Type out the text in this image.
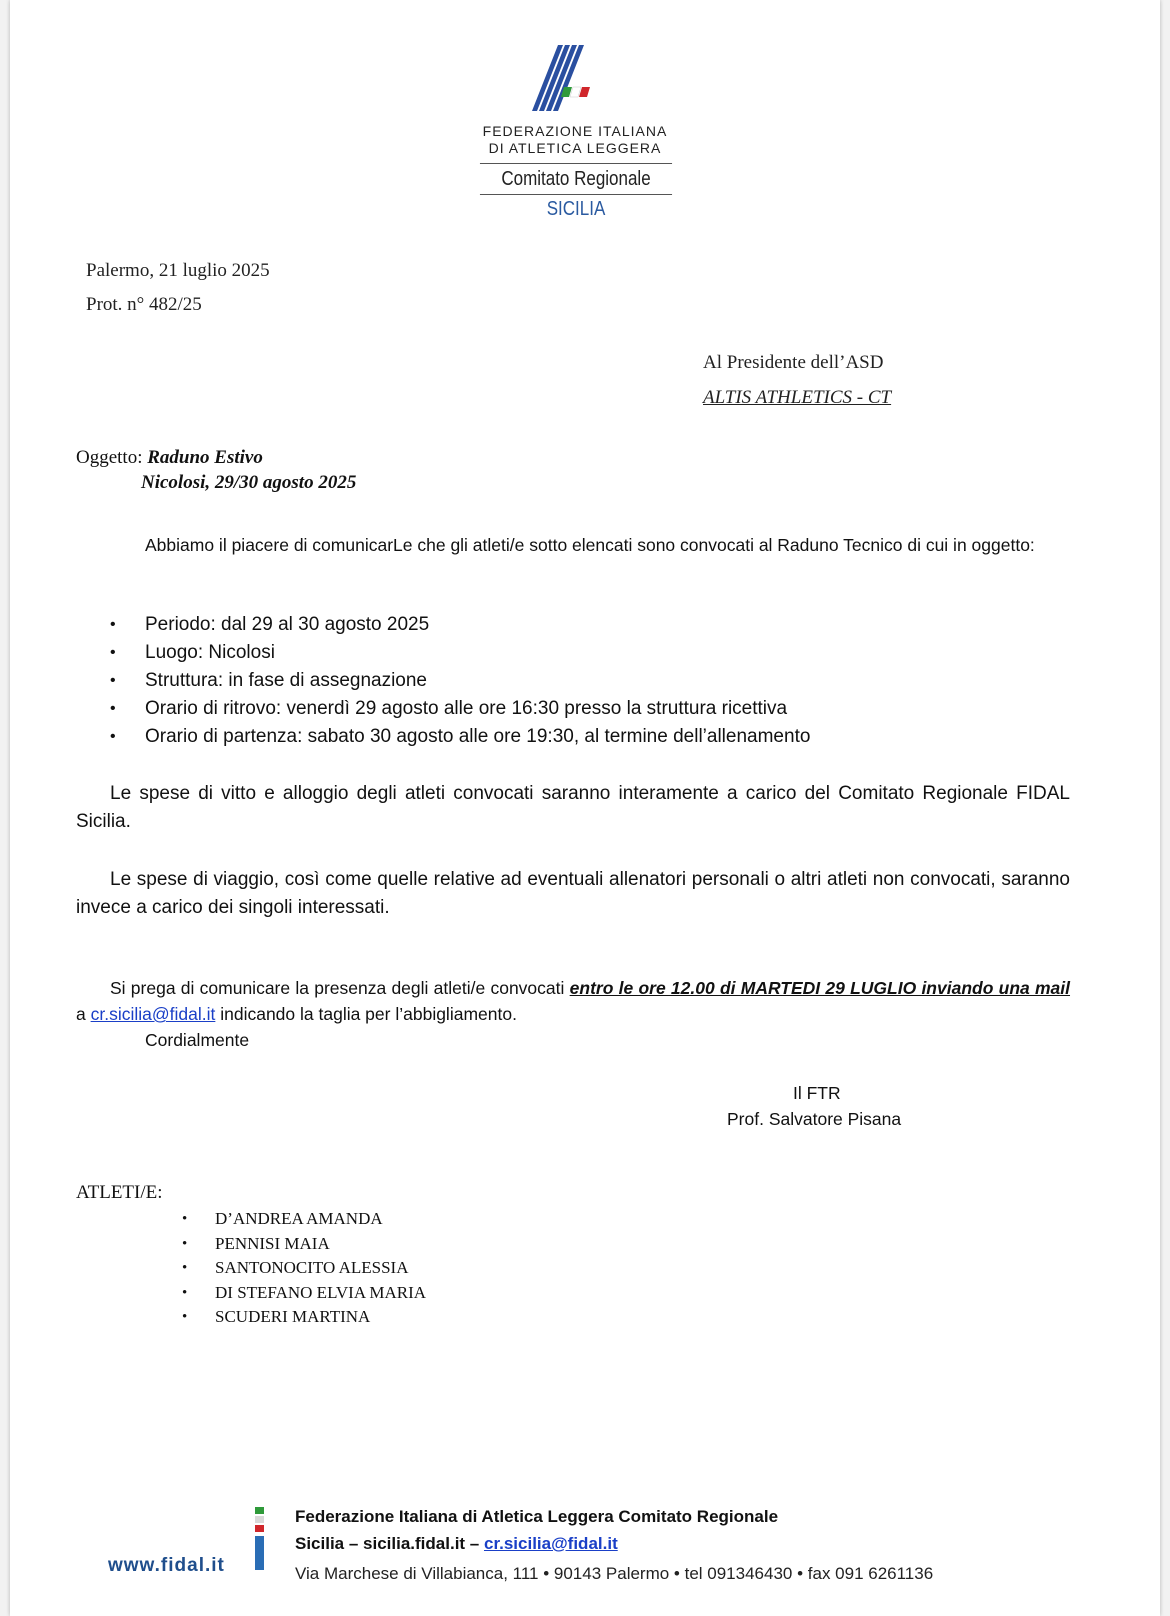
FEDERAZIONE ITALIANA
DI ATLETICA LEGGERA
Comitato Regionale SICILIA
Palermo, 21 luglio 2025
Prot. n° 482/25
Al Presidente dell’ASD
ALTIS ATHLETICS - CT
Oggetto: Raduno Estivo
Nicolosi, 29/30 agosto 2025
Abbiamo il piacere di comunicarLe che gli atleti/e sotto elencati sono convocati al Raduno Tecnico di cui in oggetto:
• Periodo: dal 29 al 30 agosto 2025
• Luogo: Nicolosi
• Struttura: in fase di assegnazione
• Orario di ritrovo: venerdì 29 agosto alle ore 16:30 presso la struttura ricettiva
• Orario di partenza: sabato 30 agosto alle ore 19:30, al termine dell’allenamento
Le spese di vitto e alloggio degli atleti convocati saranno interamente a carico del Comitato Regionale FIDAL Sicilia.
Le spese di viaggio, così come quelle relative ad eventuali allenatori personali o altri atleti non convocati, saranno invece a carico dei singoli interessati.
Si prega di comunicare la presenza degli atleti/e convocati entro le ore 12.00 di MARTEDI 29 LUGLIO inviando una mail a cr.sicilia@fidal.it indicando la taglia per l’abbigliamento.
Cordialmente
Il FTR
Prof. Salvatore Pisana
ATLETI/E:
• D’ANDREA AMANDA
• PENNISI MAIA
• SANTONOCITO ALESSIA
• DI STEFANO ELVIA MARIA
• SCUDERI MARTINA
www.fidal.it
Federazione Italiana di Atletica Leggera Comitato Regionale
Sicilia – sicilia.fidal.it – cr.sicilia@fidal.it
Via Marchese di Villabianca, 111 • 90143 Palermo • tel 091346430 • fax 091 6261136
